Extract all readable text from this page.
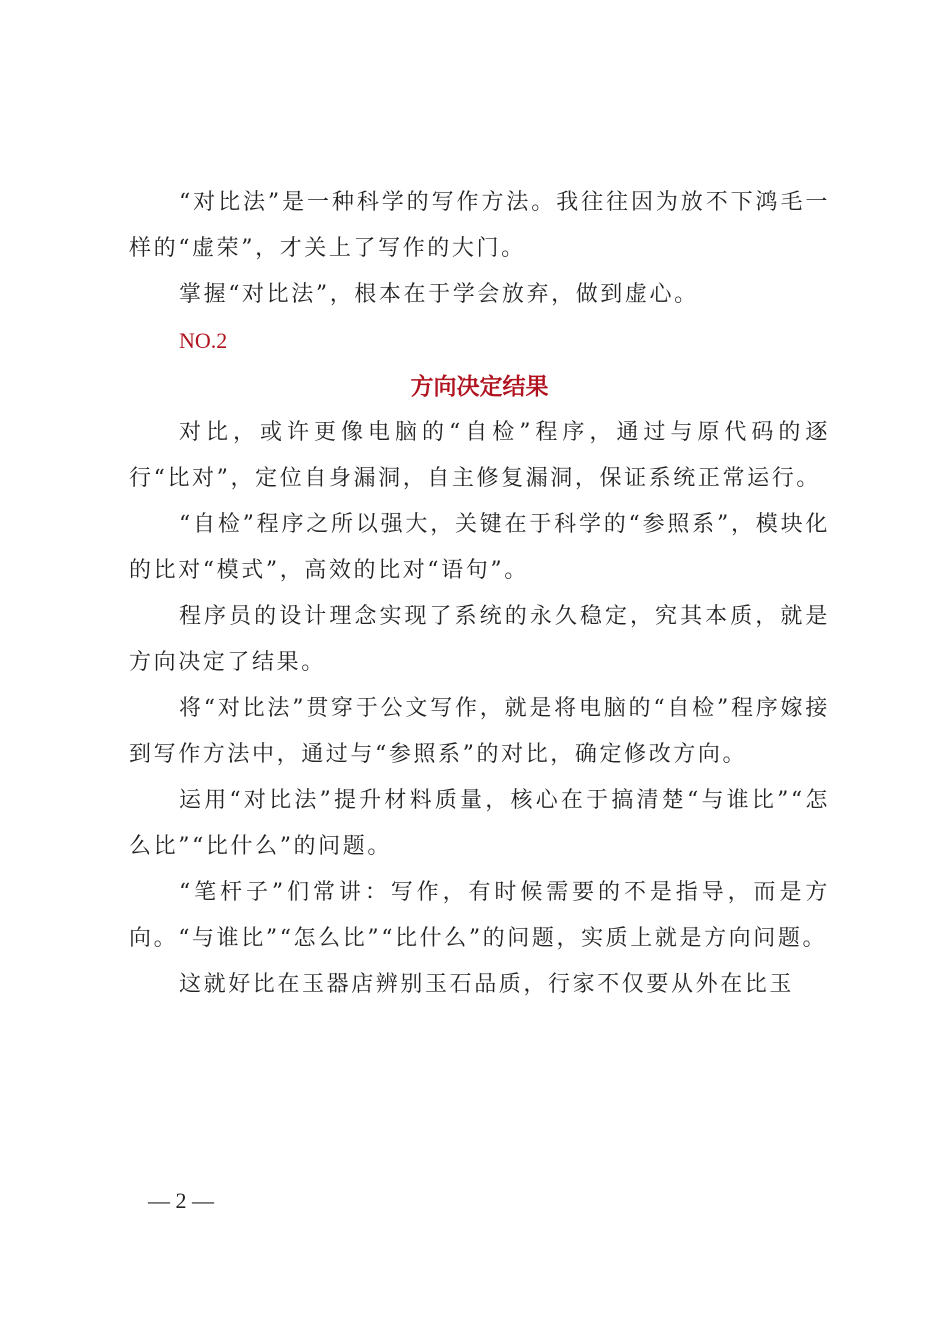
“对比法”是一种科学的写作方法。我往往因为放不下鸿毛一样的“虚荣”，才关上了写作的大门。

掌握“对比法”，根本在于学会放弃，做到虚心。

NO.2

方向决定结果

对比，或许更像电脑的“自检”程序，通过与原代码的逐行“比对”，定位自身漏洞，自主修复漏洞，保证系统正常运行。

“自检”程序之所以强大，关键在于科学的“参照系”，模块化的比对“模式”，高效的比对“语句”。

程序员的设计理念实现了系统的永久稳定，究其本质，就是方向决定了结果。

将“对比法”贯穿于公文写作，就是将电脑的“自检”程序嫁接到写作方法中，通过与“参照系”的对比，确定修改方向。

运用“对比法”提升材料质量，核心在于搞清楚“与谁比”“怎么比”“比什么”的问题。

“笔杆子”们常讲：写作，有时候需要的不是指导，而是方向。“与谁比”“怎么比”“比什么”的问题，实质上就是方向问题。

这就好比在玉器店辨别玉石品质，行家不仅要从外在比玉

— 2 —
